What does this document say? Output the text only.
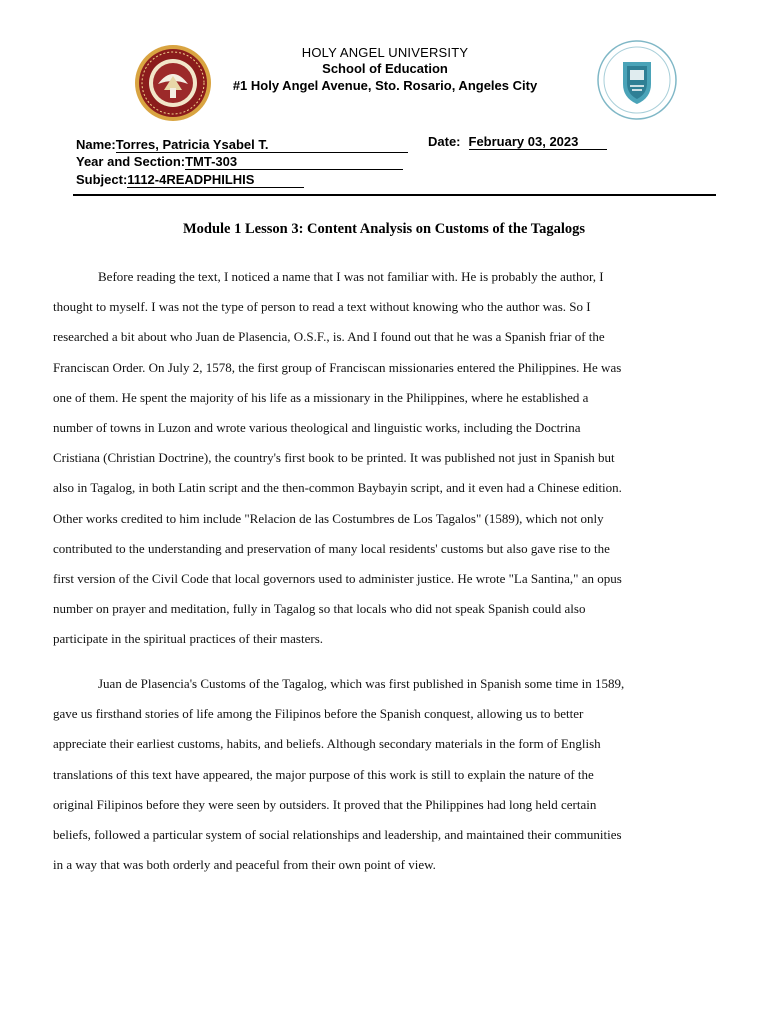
HOLY ANGEL UNIVERSITY
School of Education
#1 Holy Angel Avenue, Sto. Rosario, Angeles City
Name:Torres, Patricia Ysabel T.	Date:February 03, 2023
Year and Section:TMT-303
Subject:1112-4READPHILHIS
Module 1 Lesson 3: Content Analysis on Customs of the Tagalogs

Before reading the text, I noticed a name that I was not familiar with. He is probably the author, I
thought to myself. I was not the type of person to read a text without knowing who the author was. So I
researched a bit about who Juan de Plasencia, O.S.F., is. And I found out that he was a Spanish friar of the
Franciscan Order. On July 2, 1578, the first group of Franciscan missionaries entered the Philippines. He was
one of them. He spent the majority of his life as a missionary in the Philippines, where he established a
number of towns in Luzon and wrote various theological and linguistic works, including the Doctrina
Cristiana (Christian Doctrine), the country's first book to be printed. It was published not just in Spanish but
also in Tagalog, in both Latin script and the then-common Baybayin script, and it even had a Chinese edition.
Other works credited to him include "Relacion de las Costumbres de Los Tagalos" (1589), which not only
contributed to the understanding and preservation of many local residents' customs but also gave rise to the
first version of the Civil Code that local governors used to administer justice. He wrote "La Santina," an opus
number on prayer and meditation, fully in Tagalog so that locals who did not speak Spanish could also
participate in the spiritual practices of their masters.

Juan de Plasencia's Customs of the Tagalog, which was first published in Spanish some time in 1589,
gave us firsthand stories of life among the Filipinos before the Spanish conquest, allowing us to better
appreciate their earliest customs, habits, and beliefs. Although secondary materials in the form of English
translations of this text have appeared, the major purpose of this work is still to explain the nature of the
original Filipinos before they were seen by outsiders. It proved that the Philippines had long held certain
beliefs, followed a particular system of social relationships and leadership, and maintained their communities
in a way that was both orderly and peaceful from their own point of view.
